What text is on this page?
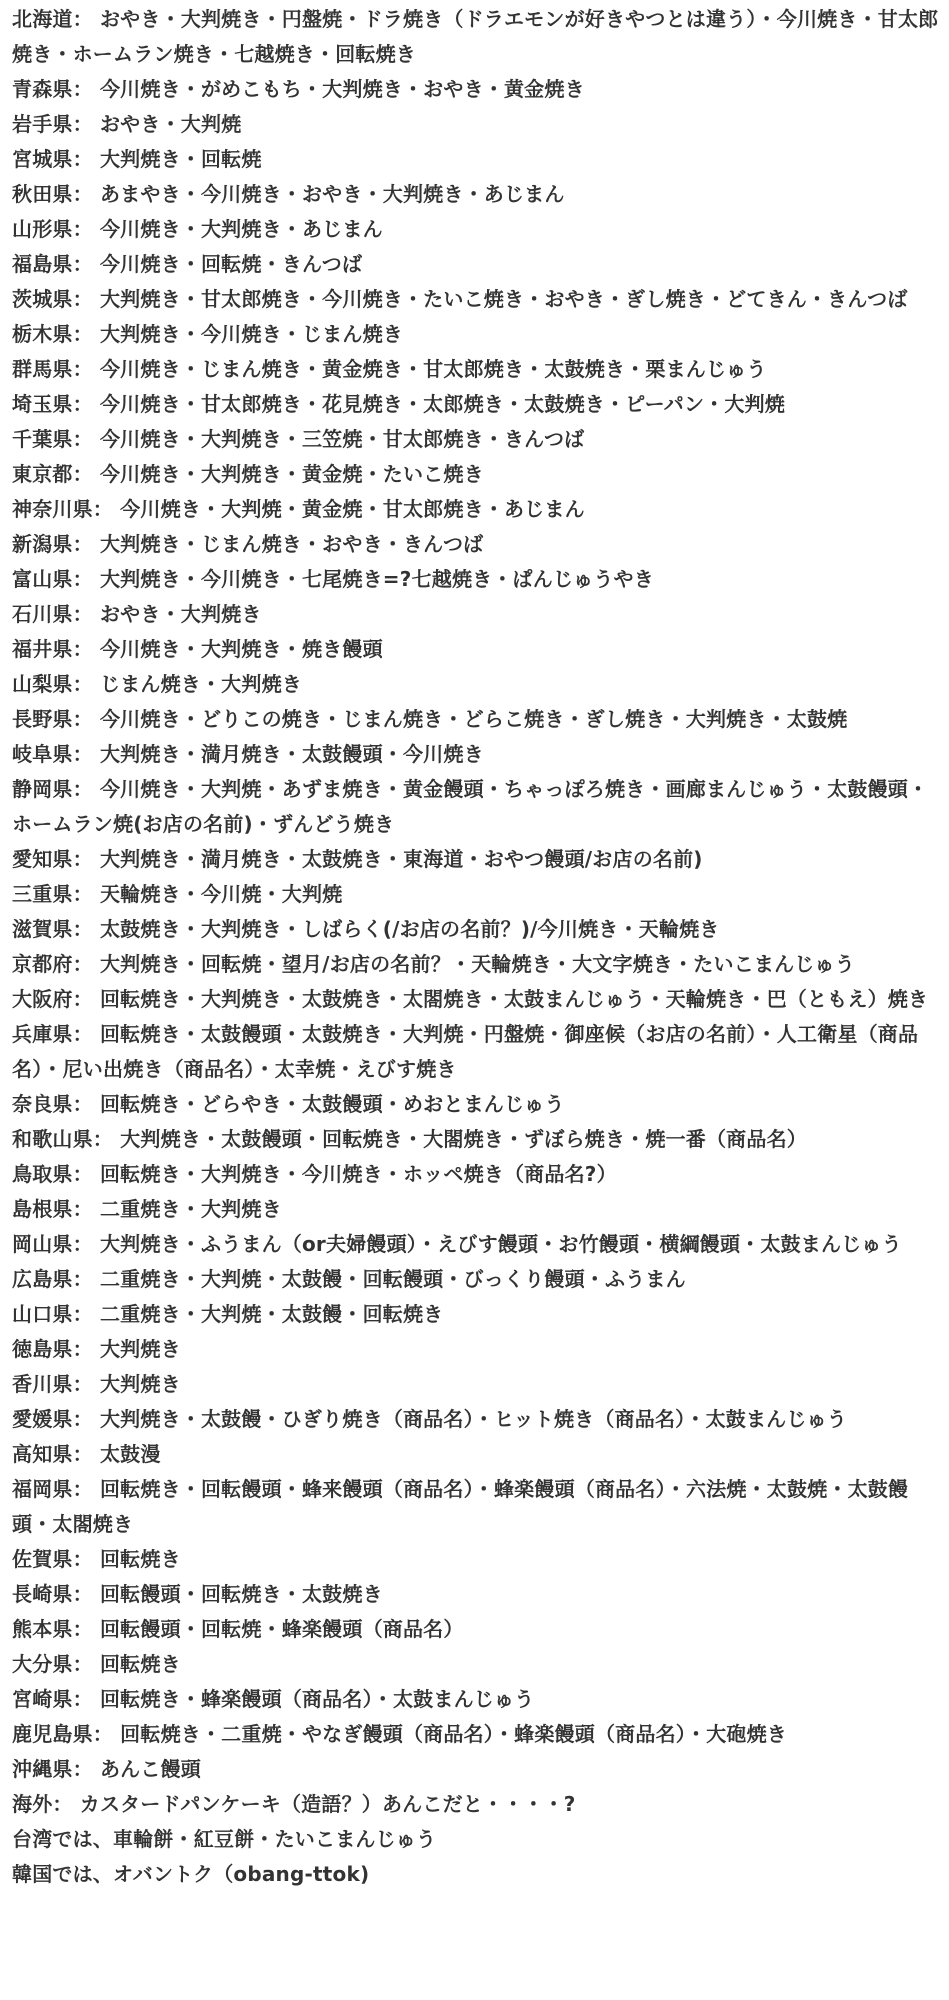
北海道： おやき・大判焼き・円盤焼・ドラ焼き（ドラエモンが好きやつとは違う）・今川焼き・甘太郎焼き・ホームラン焼き・七越焼き・回転焼き
青森県： 今川焼き・がめこもち・大判焼き・おやき・黄金焼き
岩手県： おやき・大判焼
宮城県： 大判焼き・回転焼
秋田県： あまやき・今川焼き・おやき・大判焼き・あじまん
山形県： 今川焼き・大判焼き・あじまん
福島県： 今川焼き・回転焼・きんつば
茨城県： 大判焼き・甘太郎焼き・今川焼き・たいこ焼き・おやき・ぎし焼き・どてきん・きんつば
栃木県： 大判焼き・今川焼き・じまん焼き
群馬県： 今川焼き・じまん焼き・黄金焼き・甘太郎焼き・太鼓焼き・栗まんじゅう
埼玉県： 今川焼き・甘太郎焼き・花見焼き・太郎焼き・太鼓焼き・ピーパン・大判焼
千葉県： 今川焼き・大判焼き・三笠焼・甘太郎焼き・きんつば
東京都： 今川焼き・大判焼き・黄金焼・たいこ焼き
神奈川県： 今川焼き・大判焼・黄金焼・甘太郎焼き・あじまん
新潟県： 大判焼き・じまん焼き・おやき・きんつば
富山県： 大判焼き・今川焼き・七尾焼き=?七越焼き・ぱんじゅうやき
石川県： おやき・大判焼き
福井県： 今川焼き・大判焼き・焼き饅頭
山梨県： じまん焼き・大判焼き
長野県： 今川焼き・どりこの焼き・じまん焼き・どらこ焼き・ぎし焼き・大判焼き・太鼓焼
岐阜県： 大判焼き・満月焼き・太鼓饅頭・今川焼き
静岡県： 今川焼き・大判焼・あずま焼き・黄金饅頭・ちゃっぽろ焼き・画廊まんじゅう・太鼓饅頭・ホームラン焼(お店の名前)・ずんどう焼き
愛知県： 大判焼き・満月焼き・太鼓焼き・東海道・おやつ饅頭/お店の名前)
三重県： 天輪焼き・今川焼・大判焼
滋賀県： 太鼓焼き・大判焼き・しばらく(/お店の名前？)/今川焼き・天輪焼き
京都府： 大判焼き・回転焼・望月/お店の名前？・天輪焼き・大文字焼き・たいこまんじゅう
大阪府： 回転焼き・大判焼き・太鼓焼き・太閤焼き・太鼓まんじゅう・天輪焼き・巴（ともえ）焼き
兵庫県： 回転焼き・太鼓饅頭・太鼓焼き・大判焼・円盤焼・御座候（お店の名前）・人工衛星（商品名）・尼い出焼き（商品名）・太幸焼・えびす焼き
奈良県： 回転焼き・どらやき・太鼓饅頭・めおとまんじゅう
和歌山県： 大判焼き・太鼓饅頭・回転焼き・大閤焼き・ずぼら焼き・焼一番（商品名）
鳥取県： 回転焼き・大判焼き・今川焼き・ホッペ焼き（商品名?）
島根県： 二重焼き・大判焼き
岡山県： 大判焼き・ふうまん（or夫婦饅頭）・えびす饅頭・お竹饅頭・横綱饅頭・太鼓まんじゅう
広島県： 二重焼き・大判焼・太鼓饅・回転饅頭・びっくり饅頭・ふうまん
山口県： 二重焼き・大判焼・太鼓饅・回転焼き
徳島県： 大判焼き
香川県： 大判焼き
愛媛県： 大判焼き・太鼓饅・ひぎり焼き（商品名）・ヒット焼き（商品名）・太鼓まんじゅう
高知県： 太鼓漫
福岡県： 回転焼き・回転饅頭・蜂来饅頭（商品名）・蜂楽饅頭（商品名）・六法焼・太鼓焼・太鼓饅頭・太閤焼き
佐賀県： 回転焼き
長崎県： 回転饅頭・回転焼き・太鼓焼き
熊本県： 回転饅頭・回転焼・蜂楽饅頭（商品名）
大分県： 回転焼き
宮崎県： 回転焼き・蜂楽饅頭（商品名）・太鼓まんじゅう
鹿児島県： 回転焼き・二重焼・やなぎ饅頭（商品名）・蜂楽饅頭（商品名）・大砲焼き
沖縄県： あんこ饅頭
海外： カスタードパンケーキ（造語？）あんこだと・・・・?
台湾では、車輪餅・紅豆餅・たいこまんじゅう
韓国では、オバントク（obang-ttok)
